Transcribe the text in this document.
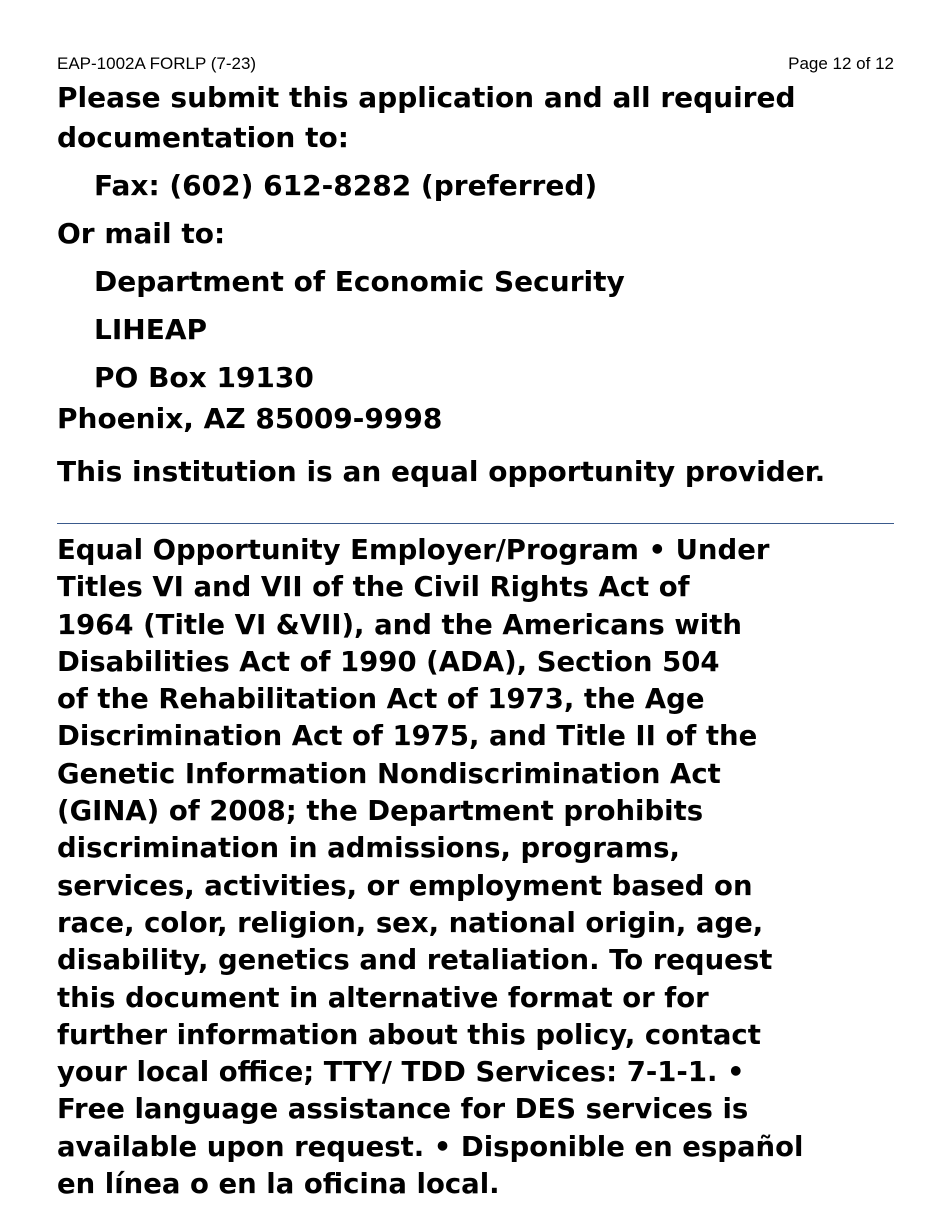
EAP-1002A FORLP (7-23)	Page 12 of 12
Please submit this application and all required
documentation to:
Fax: (602) 612-8282 (preferred)
Or mail to:
Department of Economic Security
LIHEAP
PO Box 19130
Phoenix, AZ 85009-9998
This institution is an equal opportunity provider.

Equal Opportunity Employer/Program • Under
Titles VI and VII of the Civil Rights Act of
1964 (Title VI &VII), and the Americans with
Disabilities Act of 1990 (ADA), Section 504
of the Rehabilitation Act of 1973, the Age
Discrimination Act of 1975, and Title II of the
Genetic Information Nondiscrimination Act
(GINA) of 2008; the Department prohibits
discrimination in admissions, programs,
services, activities, or employment based on
race, color, religion, sex, national origin, age,
disability, genetics and retaliation. To request
this document in alternative format or for
further information about this policy, contact
your local office; TTY/ TDD Services: 7-1-1. •
Free language assistance for DES services is
available upon request. • Disponible en español
en línea o en la oficina local.
